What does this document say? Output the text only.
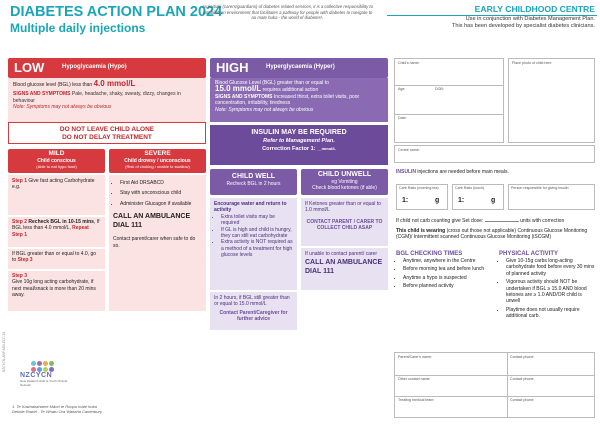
DIABETES ACTION PLAN 2024
Multiple daily injections
As kaitiaki (carers/guardians) of diabetes related services, it is a collective responsibility to establish an environment that facilitates a pathway for people with diabetes to navigate to ao mate huka - the world of diabetes¹.
EARLY CHILDHOOD CENTRE
Use in conjunction with Diabetes Management Plan.
This has been developed by specialist diabetes clinicians.
LOW	Hypoglycaemia (Hypo)
Blood glucose level (BGL) less than 4.0 mmol/L
SIGNS AND SYMPTOMS Pale, headache, shaky, sweaty, dizzy, changes in behaviour
Note: Symptoms may not always be obvious
DO NOT LEAVE CHILD ALONE
DO NOT DELAY TREATMENT
MILD
Child conscious
(Able to eat hypo food)
Step 1 Give fast acting Carbohydrate
e.g.
Step 2 Recheck BGL in 10-15 mins, If BGL less than 4.0 mmol/L, Repeat Step 1
If BGL greater than or equal to 4.0, go to Step 3
Step 3
Give 10g long acting carbohydrate, if next meal/snack is more than 20 mins away.
SEVERE
Child drowsy / unconscious
(Risk of choking / unable to swallow)
• First Aid DRSABCD
• Stay with unconscious child
• Administer Glucagon if available
CALL AN AMBULANCE
DIAL 111
Contact parent/carer when safe to do so.
HIGH	Hyperglycaemia (Hyper)
Blood Glucose Level (BGL) greater than or equal to
15.0 mmol/L requires additional action
SIGNS AND SYMPTOMS Increased thirst, extra toilet visits, poor concentration, irritability, tiredness
Note: Symptoms may not always be obvious
INSULIN MAY BE REQUIRED
Refer to Management Plan.
Correction Factor 1: __mmol/L
CHILD WELL
Recheck BGL in 2 hours
Encourage water and return to activity
• Extra toilet visits may be required
• If GL is high and child is hungry, they can still eat carbohydrate
• Extra activity is NOT required as a method of a treatment for high glucose levels
In 2 hours, if BGL still greater than or equal to 15.0 mmol/L
Contact Parent/Caregiver for further advice
CHILD UNWELL
eg Vomiting
Check blood ketones (if able)
If Ketones greater than or equal to 1.0 mmol/L
CONTACT PARENT / CARER TO COLLECT CHILD ASAP
If unable to contact parent/ carer
CALL AN AMBULANCE
DIAL 111
Child's name:
Age:	DOB:
Date:
Place photo of child here
Centre name:
INSULIN injections are needed before main meals.
Carb Ratio (morning tea)
1:	g
Carb Ratio (lunch)
1:	g
Person responsible for giving insulin
If child not carb counting give Set dose:	units with correction
This child is wearing (cross out those not applicable) Continuous Glucose Monitoring (CGM)/ Intermittent scanned Continuous Glucose Monitoring (iSCGM)
BGL CHECKING TIMES
• Anytime, anywhere in the Centre
• Before morning tea and before lunch
• Anytime a hypo is suspected
• Before planned activity
PHYSICAL ACTIVITY
• Give 10-15g carbs long-acting carbohydrate food before every 30 mins of planned activity
• Vigorous activity should NOT be undertaken if BGL ≥ 15.0 AND blood ketones are ≥ 1.0 AND/OR child is unwell
• Playtime does not usually require additional carb.
Parent/Carer's name:	Contact phone:
Other contact name:	Contact phone:
Treating medical team:	Contact phone:
NZCYCN
New Zealand Child & Youth Clinical Network
1. Te Kawhakahaere Māori te Roopu mate huka
Debbie Rawiri - Te Whatu Ora Waitaha Canterbury
NZCYCN-ANP-MDI-ECC-24
